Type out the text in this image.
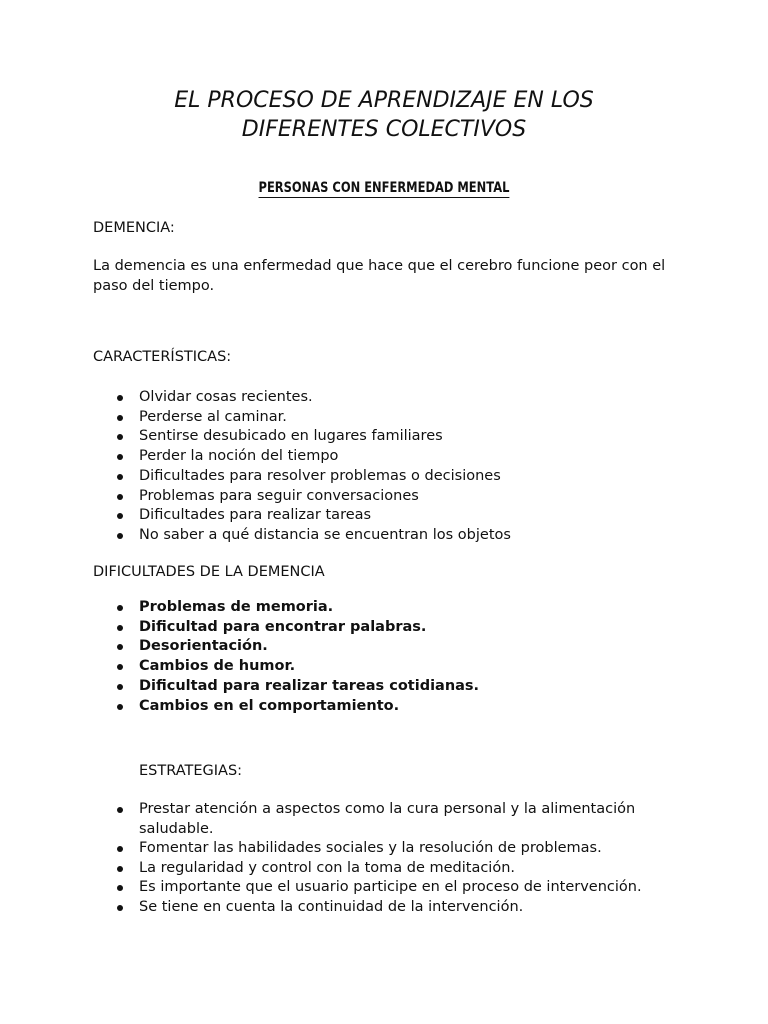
EL PROCESO DE APRENDIZAJE EN LOS
DIFERENTES COLECTIVOS
PERSONAS CON ENFERMEDAD MENTAL
DEMENCIA:

La demencia es una enfermedad que hace que el cerebro funcione peor con el paso del tiempo.

CARACTERÍSTICAS:
Olvidar cosas recientes.
Perderse al caminar.
Sentirse desubicado en lugares familiares
Perder la noción del tiempo
Dificultades para resolver problemas o decisiones
Problemas para seguir conversaciones
Dificultades para realizar tareas
No saber a qué distancia se encuentran los objetos
DIFICULTADES DE LA DEMENCIA
Problemas de memoria.
Dificultad para encontrar palabras.
Desorientación.
Cambios de humor.
Dificultad para realizar tareas cotidianas.
Cambios en el comportamiento.
ESTRATEGIAS:
Prestar atención a aspectos como la cura personal y la alimentación saludable.
Fomentar las habilidades sociales y la resolución de problemas.
La regularidad y control con la toma de meditación.
Es importante que el usuario participe en el proceso de intervención.
Se tiene en cuenta la continuidad de la intervención.
